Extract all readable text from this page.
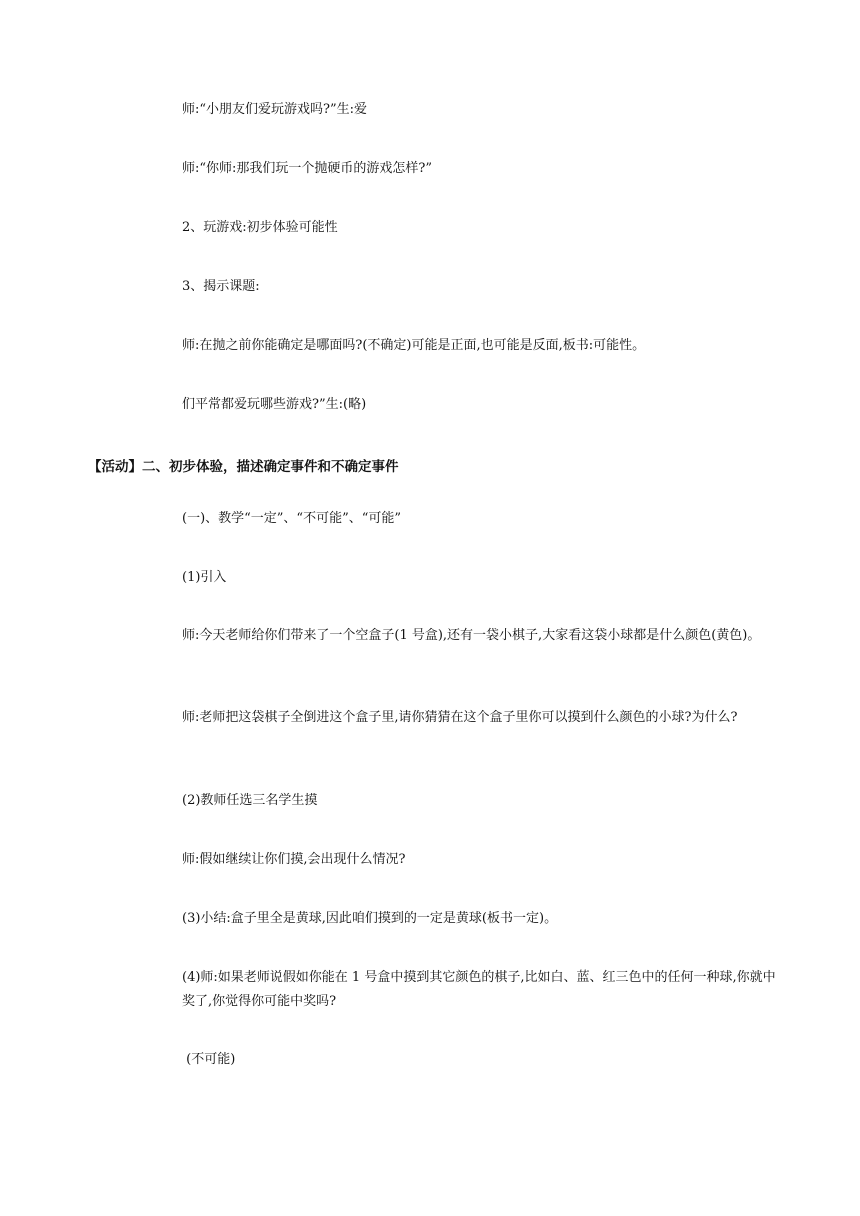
师:“小朋友们爱玩游戏吗?”生:爱

师:“你师:那我们玩一个抛硬币的游戏怎样?”

2、玩游戏:初步体验可能性

3、揭示课题:

师:在抛之前你能确定是哪面吗?(不确定)可能是正面,也可能是反面,板书:可能性。

们平常都爱玩哪些游戏?”生:(略)

【活动】二、初步体验，描述确定事件和不确定事件

(一)、教学“一定”、“不可能”、“可能”

(1)引入

师:今天老师给你们带来了一个空盒子(1 号盒),还有一袋小棋子,大家看这袋小球都是什么颜色(黄色)。

师:老师把这袋棋子全倒进这个盒子里,请你猜猜在这个盒子里你可以摸到什么颜色的小球?为什么?

(2)教师任选三名学生摸

师:假如继续让你们摸,会出现什么情况?

(3)小结:盒子里全是黄球,因此咱们摸到的一定是黄球(板书一定)。

(4)师:如果老师说假如你能在 1 号盒中摸到其它颜色的棋子,比如白、蓝、红三色中的任何一种球,你就中奖了,你觉得你可能中奖吗?

(不可能)
